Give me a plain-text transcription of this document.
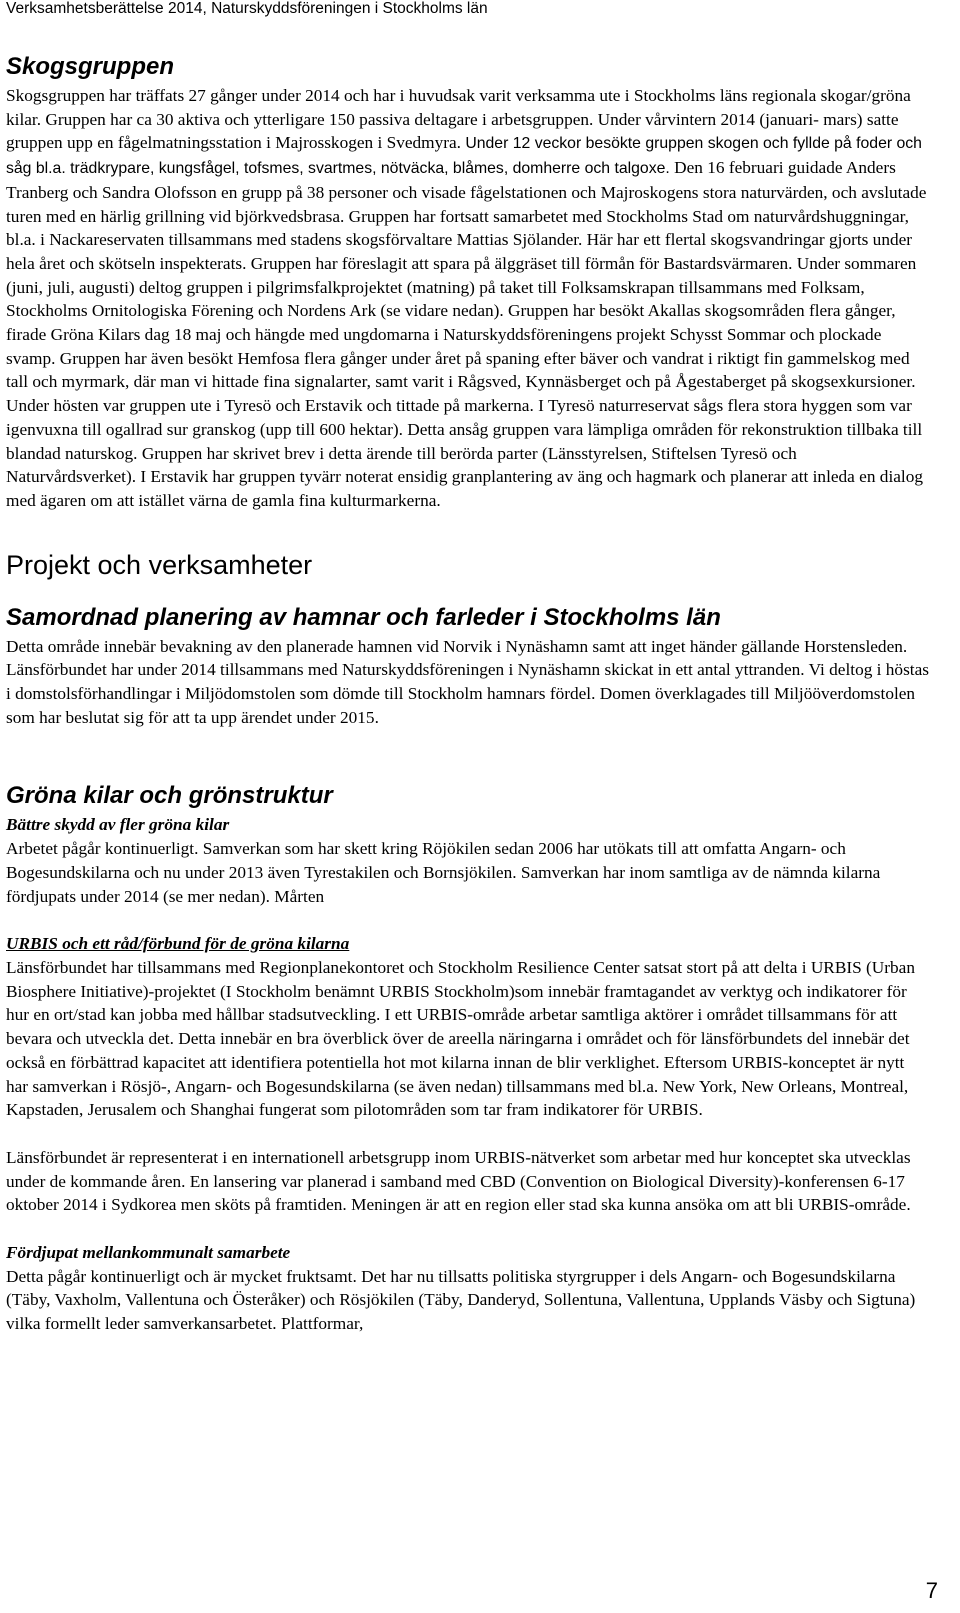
Verksamhetsberättelse 2014, Naturskyddsföreningen i Stockholms län
Skogsgruppen

Skogsgruppen har träffats 27 gånger under 2014 och har i huvudsak varit verksamma ute i Stockholms läns regionala skogar/gröna kilar. Gruppen har ca 30 aktiva och ytterligare 150 passiva deltagare i arbetsgruppen. Under vårvintern 2014 (januari- mars) satte gruppen upp en fågelmatningsstation i Majrosskogen i Svedmyra. Under 12 veckor besökte gruppen skogen och fyllde på foder och såg bl.a. trädkrypare, kungsfågel, tofsmes, svartmes, nötväcka, blåmes, domherre och talgoxe. Den 16 februari guidade Anders Tranberg och Sandra Olofsson en grupp på 38 personer och visade fågelstationen och Majroskogens stora naturvärden, och avslutade turen med en härlig grillning vid björkvedsbrasa. Gruppen har fortsatt samarbetet med Stockholms Stad om naturvårdshuggningar, bl.a. i Nackareservaten tillsammans med stadens skogsförvaltare Mattias Sjölander. Här har ett flertal skogsvandringar gjorts under hela året och skötseln inspekterats. Gruppen har föreslagit att spara på älggräset till förmån för Bastardsvärmaren. Under sommaren (juni, juli, augusti) deltog gruppen i pilgrimsfalkprojektet (matning) på taket till Folksamskrapan tillsammans med Folksam, Stockholms Ornitologiska Förening och Nordens Ark (se vidare nedan). Gruppen har besökt Akallas skogsområden flera gånger, firade Gröna Kilars dag 18 maj och hängde med ungdomarna i Naturskyddsföreningens projekt Schysst Sommar och plockade svamp. Gruppen har även besökt Hemfosa flera gånger under året på spaning efter bäver och vandrat i riktigt fin gammelskog med tall och myrmark, där man vi hittade fina signalarter, samt varit i Rågsved, Kynnäsberget och på Ågestaberget på skogsexkursioner. Under hösten var gruppen ute i Tyresö och Erstavik och tittade på markerna. I Tyresö naturreservat sågs flera stora hyggen som var igenvuxna till ogallrad sur granskog (upp till 600 hektar). Detta ansåg gruppen vara lämpliga områden för rekonstruktion tillbaka till blandad naturskog. Gruppen har skrivet brev i detta ärende till berörda parter (Länsstyrelsen, Stiftelsen Tyresö och Naturvårdsverket). I Erstavik har gruppen tyvärr noterat ensidig granplantering av äng och hagmark och planerar att inleda en dialog med ägaren om att istället värna de gamla fina kulturmarkerna.

Projekt och verksamheter
Samordnad planering av hamnar och farleder i Stockholms län

Detta område innebär bevakning av den planerade hamnen vid Norvik i Nynäshamn samt att inget händer gällande Horstensleden. Länsförbundet har under 2014 tillsammans med Naturskyddsföreningen i Nynäshamn skickat in ett antal yttranden. Vi deltog i höstas i domstolsförhandlingar i Miljödomstolen som dömde till Stockholm hamnars fördel. Domen överklagades till Miljööverdomstolen som har beslutat sig för att ta upp ärendet under 2015.

Gröna kilar och grönstruktur

Bättre skydd av fler gröna kilar

Arbetet pågår kontinuerligt. Samverkan som har skett kring Röjökilen sedan 2006 har utökats till att omfatta Angarn- och Bogesundskilarna och nu under 2013 även Tyrestakilen och Bornsjökilen. Samverkan har inom samtliga av de nämnda kilarna fördjupats under 2014 (se mer nedan). Mårten

URBIS och ett råd/förbund för de gröna kilarna

Länsförbundet har tillsammans med Regionplanekontoret och Stockholm Resilience Center satsat stort på att delta i URBIS (Urban Biosphere Initiative)-projektet (I Stockholm benämnt URBIS Stockholm)som innebär framtagandet av verktyg och indikatorer för hur en ort/stad kan jobba med hållbar stadsutveckling. I ett URBIS-område arbetar samtliga aktörer i området tillsammans för att bevara och utveckla det. Detta innebär en bra överblick över de areella näringarna i området och för länsförbundets del innebär det också en förbättrad kapacitet att identifiera potentiella hot mot kilarna innan de blir verklighet. Eftersom URBIS-konceptet är nytt har samverkan i Rösjö-, Angarn- och Bogesundskilarna (se även nedan) tillsammans med bl.a. New York, New Orleans, Montreal, Kapstaden, Jerusalem och Shanghai fungerat som pilotområden som tar fram indikatorer för URBIS.

Länsförbundet är representerat i en internationell arbetsgrupp inom URBIS-nätverket som arbetar med hur konceptet ska utvecklas under de kommande åren. En lansering var planerad i samband med CBD (Convention on Biological Diversity)-konferensen 6-17 oktober 2014 i Sydkorea men sköts på framtiden. Meningen är att en region eller stad ska kunna ansöka om att bli URBIS-område.

Fördjupat mellankommunalt samarbete

Detta pågår kontinuerligt och är mycket fruktsamt. Det har nu tillsatts politiska styrgrupper i dels Angarn- och Bogesundskilarna (Täby, Vaxholm, Vallentuna och Österåker) och Rösjökilen (Täby, Danderyd, Sollentuna, Vallentuna, Upplands Väsby och Sigtuna) vilka formellt leder samverkansarbetet. Plattformar,

7
